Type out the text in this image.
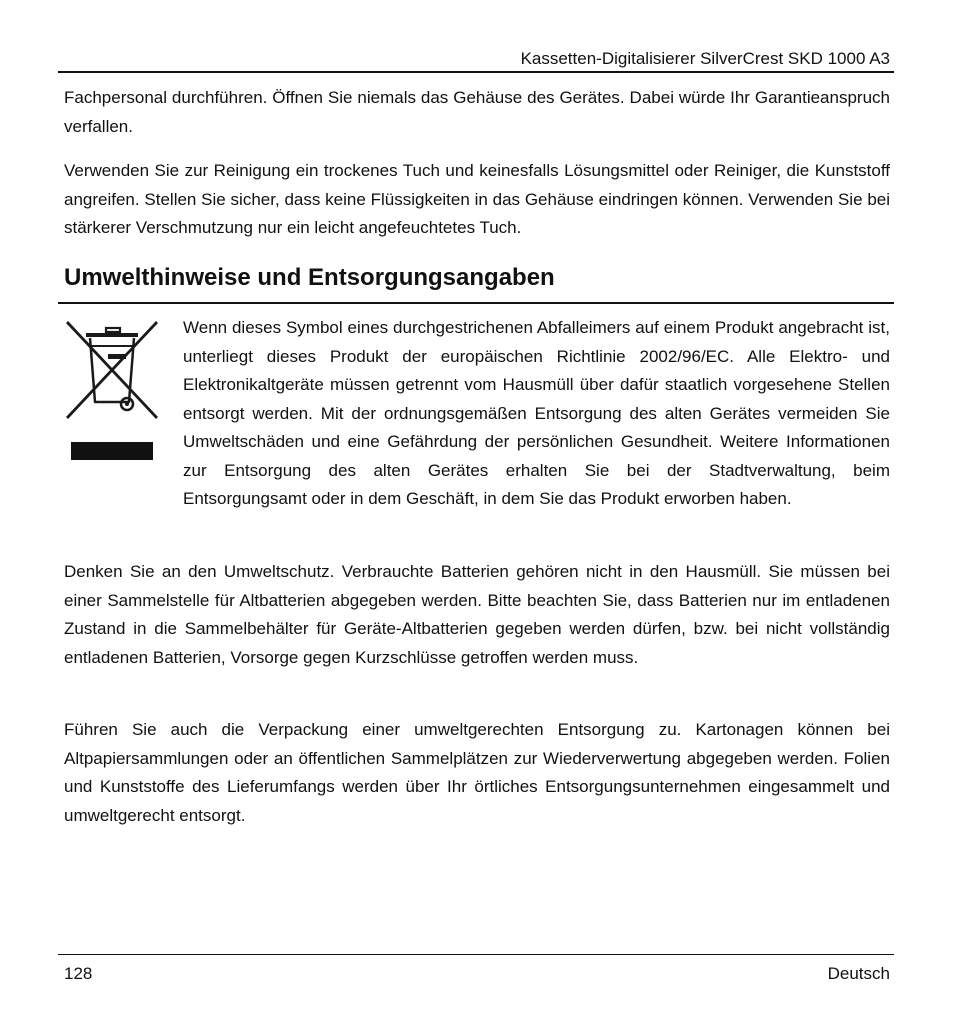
Kassetten-Digitalisierer SilverCrest SKD 1000 A3

Fachpersonal durchführen. Öffnen Sie niemals das Gehäuse des Gerätes. Dabei würde Ihr Garantieanspruch verfallen.

Verwenden Sie zur Reinigung ein trockenes Tuch und keinesfalls Lösungsmittel oder Reiniger, die Kunststoff angreifen. Stellen Sie sicher, dass keine Flüssigkeiten in das Gehäuse eindringen können. Verwenden Sie bei stärkerer Verschmutzung nur ein leicht angefeuchtetes Tuch.

Umwelthinweise und Entsorgungsangaben

Wenn dieses Symbol eines durchgestrichenen Abfalleimers auf einem Produkt angebracht ist, unterliegt dieses Produkt der europäischen Richtlinie 2002/96/EC. Alle Elektro- und Elektronikaltgeräte müssen getrennt vom Hausmüll über dafür staatlich vorgesehene Stellen entsorgt werden. Mit der ordnungsgemäßen Entsorgung des alten Gerätes vermeiden Sie Umweltschäden und eine Gefährdung der persönlichen Gesundheit. Weitere Informationen zur Entsorgung des alten Gerätes erhalten Sie bei der Stadtverwaltung, beim Entsorgungsamt oder in dem Geschäft, in dem Sie das Produkt erworben haben.

Denken Sie an den Umweltschutz. Verbrauchte Batterien gehören nicht in den Hausmüll. Sie müssen bei einer Sammelstelle für Altbatterien abgegeben werden. Bitte beachten Sie, dass Batterien nur im entladenen Zustand in die Sammelbehälter für Geräte-Altbatterien gegeben werden dürfen, bzw. bei nicht vollständig entladenen Batterien, Vorsorge gegen Kurzschlüsse getroffen werden muss.

Führen Sie auch die Verpackung einer umweltgerechten Entsorgung zu. Kartonagen können bei Altpapiersammlungen oder an öffentlichen Sammelplätzen zur Wiederverwertung abgegeben werden. Folien und Kunststoffe des Lieferumfangs werden über Ihr örtliches Entsorgungsunternehmen eingesammelt und umweltgerecht entsorgt.

128	Deutsch
